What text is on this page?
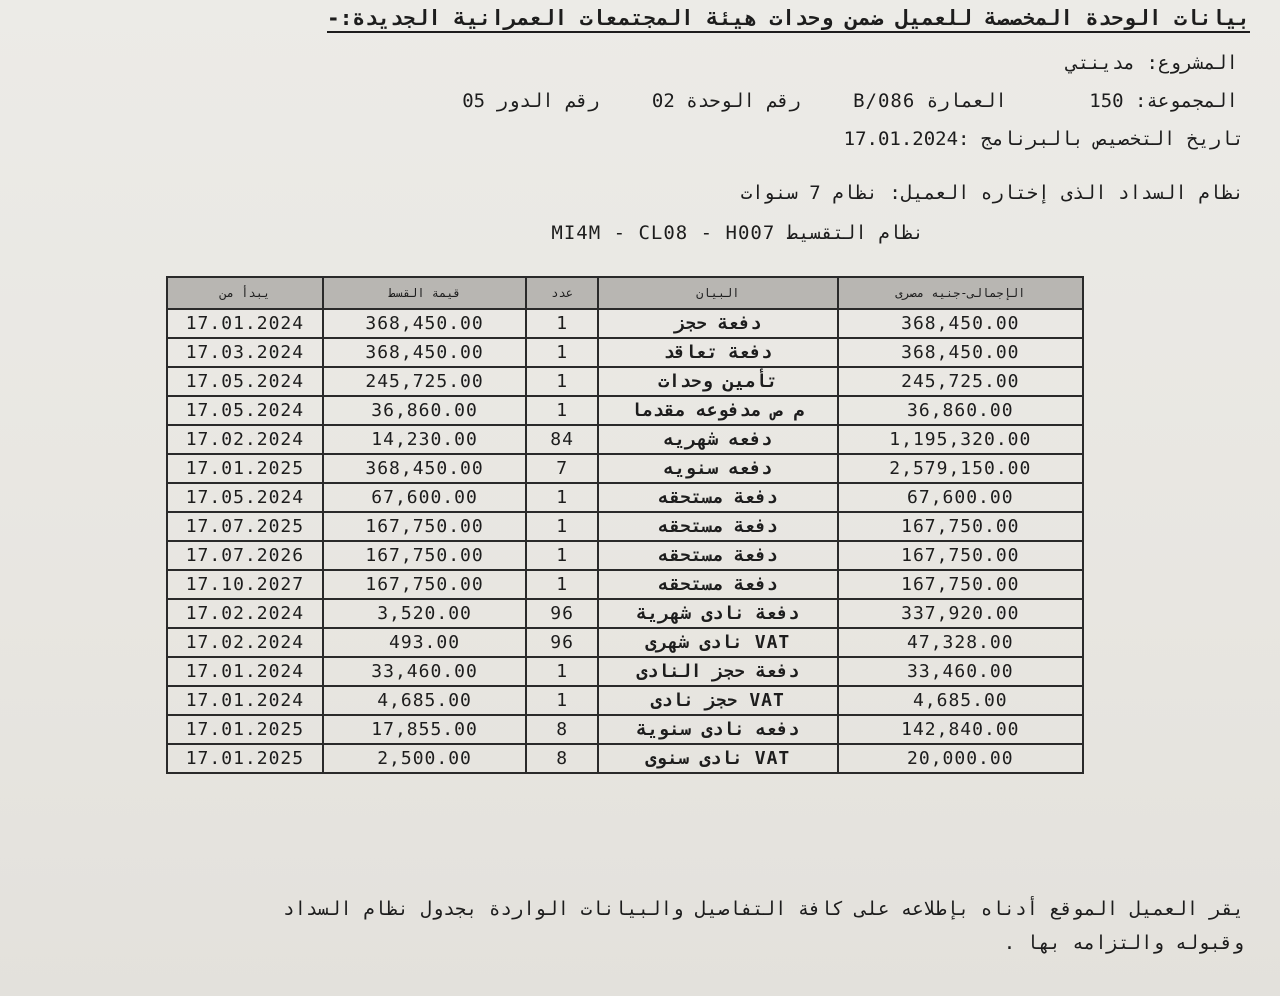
بيانات الوحدة المخصصة للعميل ضمن وحدات هيئة المجتمعات العمرانية الجديدة:-
المشروع: مدينتي
المجموعة: 150 العمارة B/086 رقم الوحدة 02 رقم الدور 05
تاريخ التخصيص بالبرنامج :17.01.2024
نظام السداد الذى إختاره العميل: نظام 7 سنوات
نظام التقسيط MI4M - CL08 - H007
يبدأ من	قيمة القسط	عدد	البيان	الإجمالى-جنيه مصرى
17.01.2024	368,450.00	1	دفعة حجز	368,450.00
17.03.2024	368,450.00	1	دفعة تعاقد	368,450.00
17.05.2024	245,725.00	1	تأمين وحدات	245,725.00
17.05.2024	36,860.00	1	م ص مدفوعه مقدما	36,860.00
17.02.2024	14,230.00	84	دفعه شهريه	1,195,320.00
17.01.2025	368,450.00	7	دفعه سنويه	2,579,150.00
17.05.2024	67,600.00	1	دفعة مستحقه	67,600.00
17.07.2025	167,750.00	1	دفعة مستحقه	167,750.00
17.07.2026	167,750.00	1	دفعة مستحقه	167,750.00
17.10.2027	167,750.00	1	دفعة مستحقه	167,750.00
17.02.2024	3,520.00	96	دفعة نادى شهرية	337,920.00
17.02.2024	493.00	96	VAT نادى شهرى	47,328.00
17.01.2024	33,460.00	1	دفعة حجز النادى	33,460.00
17.01.2024	4,685.00	1	VAT حجز نادى	4,685.00
17.01.2025	17,855.00	8	دفعه نادى سنوية	142,840.00
17.01.2025	2,500.00	8	VAT نادى سنوى	20,000.00
يقر العميل الموقع أدناه بإطلاعه على كافة التفاصيل والبيانات الواردة بجدول نظام السداد
وقبوله والتزامه بها .
